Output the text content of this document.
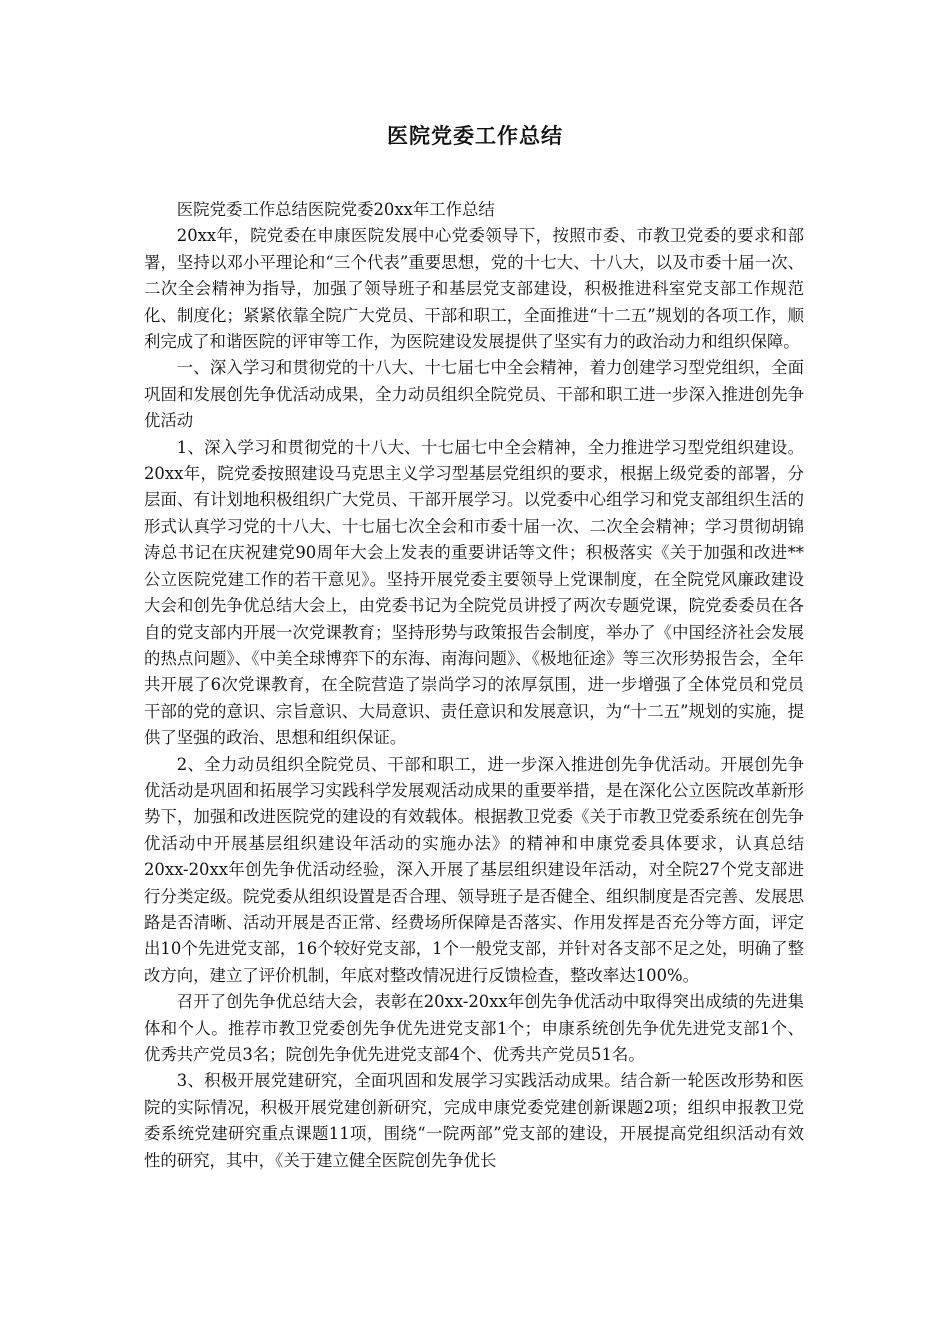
医院党委工作总结

医院党委工作总结医院党委20xx年工作总结

20xx年，院党委在申康医院发展中心党委领导下，按照市委、市教卫党委的要求和部署，坚持以邓小平理论和“三个代表”重要思想，党的十七大、十八大，以及市委十届一次、二次全会精神为指导，加强了领导班子和基层党支部建设，积极推进科室党支部工作规范化、制度化；紧紧依靠全院广大党员、干部和职工，全面推进“十二五”规划的各项工作，顺利完成了和谐医院的评审等工作，为医院建设发展提供了坚实有力的政治动力和组织保障。

一、深入学习和贯彻党的十八大、十七届七中全会精神，着力创建学习型党组织，全面巩固和发展创先争优活动成果，全力动员组织全院党员、干部和职工进一步深入推进创先争优活动

1、深入学习和贯彻党的十八大、十七届七中全会精神，全力推进学习型党组织建设。20xx年，院党委按照建设马克思主义学习型基层党组织的要求，根据上级党委的部署，分层面、有计划地积极组织广大党员、干部开展学习。以党委中心组学习和党支部组织生活的形式认真学习党的十八大、十七届七次全会和市委十届一次、二次全会精神；学习贯彻胡锦涛总书记在庆祝建党90周年大会上发表的重要讲话等文件；积极落实《关于加强和改进**公立医院党建工作的若干意见》。坚持开展党委主要领导上党课制度，在全院党风廉政建设大会和创先争优总结大会上，由党委书记为全院党员讲授了两次专题党课，院党委委员在各自的党支部内开展一次党课教育；坚持形势与政策报告会制度，举办了《中国经济社会发展的热点问题》、《中美全球博弈下的东海、南海问题》、《极地征途》等三次形势报告会，全年共开展了6次党课教育，在全院营造了崇尚学习的浓厚氛围，进一步增强了全体党员和党员干部的党的意识、宗旨意识、大局意识、责任意识和发展意识，为“十二五”规划的实施，提供了坚强的政治、思想和组织保证。

2、全力动员组织全院党员、干部和职工，进一步深入推进创先争优活动。开展创先争优活动是巩固和拓展学习实践科学发展观活动成果的重要举措，是在深化公立医院改革新形势下，加强和改进医院党的建设的有效载体。根据教卫党委《关于市教卫党委系统在创先争优活动中开展基层组织建设年活动的实施办法》的精神和申康党委具体要求，认真总结20xx-20xx年创先争优活动经验，深入开展了基层组织建设年活动，对全院27个党支部进行分类定级。院党委从组织设置是否合理、领导班子是否健全、组织制度是否完善、发展思路是否清晰、活动开展是否正常、经费场所保障是否落实、作用发挥是否充分等方面，评定出10个先进党支部，16个较好党支部，1个一般党支部，并针对各支部不足之处，明确了整改方向，建立了评价机制，年底对整改情况进行反馈检查，整改率达100%。

召开了创先争优总结大会，表彰在20xx-20xx年创先争优活动中取得突出成绩的先进集体和个人。推荐市教卫党委创先争优先进党支部1个；申康系统创先争优先进党支部1个、优秀共产党员3名；院创先争优先进党支部4个、优秀共产党员51名。

3、积极开展党建研究，全面巩固和发展学习实践活动成果。结合新一轮医改形势和医院的实际情况，积极开展党建创新研究，完成申康党委党建创新课题2项；组织申报教卫党委系统党建研究重点课题11项，围绕“一院两部”党支部的建设，开展提高党组织活动有效性的研究，其中，《关于建立健全医院创先争优长
